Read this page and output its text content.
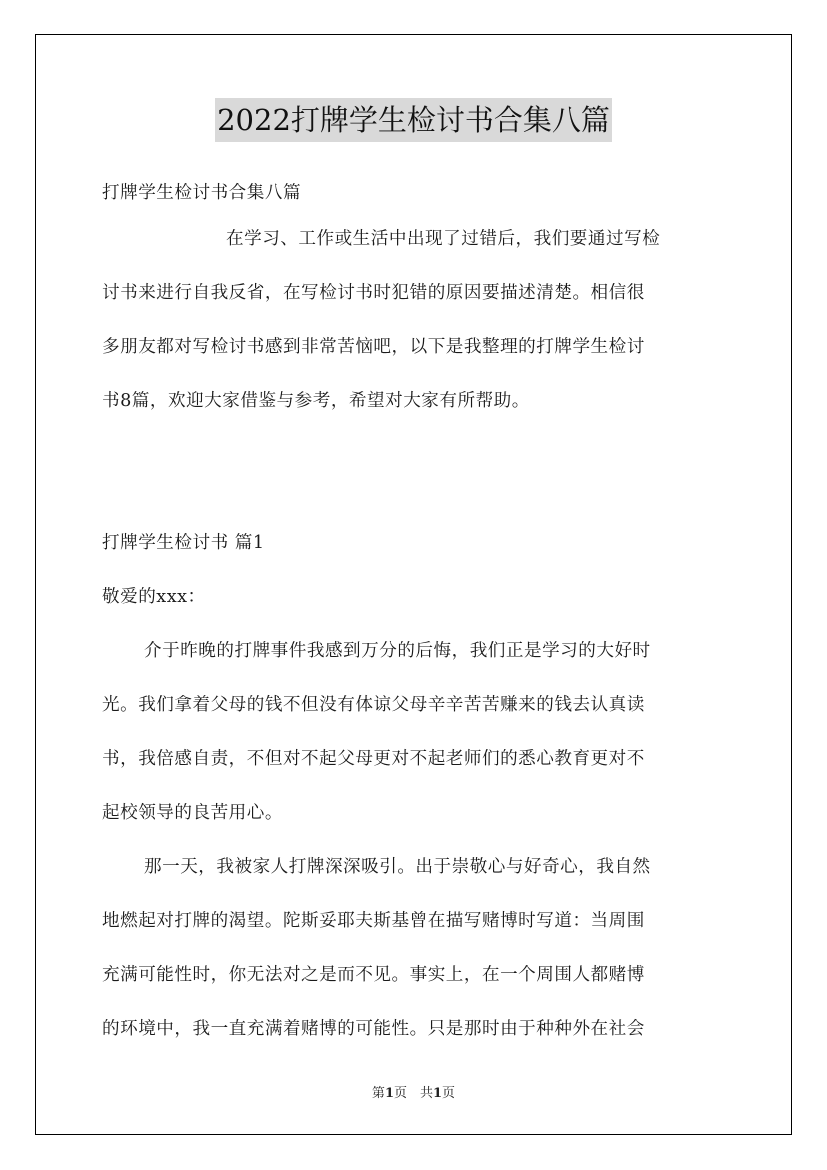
2022打牌学生检讨书合集八篇
打牌学生检讨书合集八篇
在学习、工作或生活中出现了过错后，我们要通过写检
讨书来进行自我反省，在写检讨书时犯错的原因要描述清楚。相信很
多朋友都对写检讨书感到非常苦恼吧，以下是我整理的打牌学生检讨
书8篇，欢迎大家借鉴与参考，希望对大家有所帮助。
打牌学生检讨书 篇1
敬爱的xxx：
介于昨晚的打牌事件我感到万分的后悔，我们正是学习的大好时
光。我们拿着父母的钱不但没有体谅父母辛辛苦苦赚来的钱去认真读
书，我倍感自责，不但对不起父母更对不起老师们的悉心教育更对不
起校领导的良苦用心。
那一天，我被家人打牌深深吸引。出于崇敬心与好奇心，我自然
地燃起对打牌的渴望。陀斯妥耶夫斯基曾在描写赌博时写道：当周围
充满可能性时，你无法对之是而不见。事实上，在一个周围人都赌博
的环境中，我一直充满着赌博的可能性。只是那时由于种种外在社会
第1页　共1页
